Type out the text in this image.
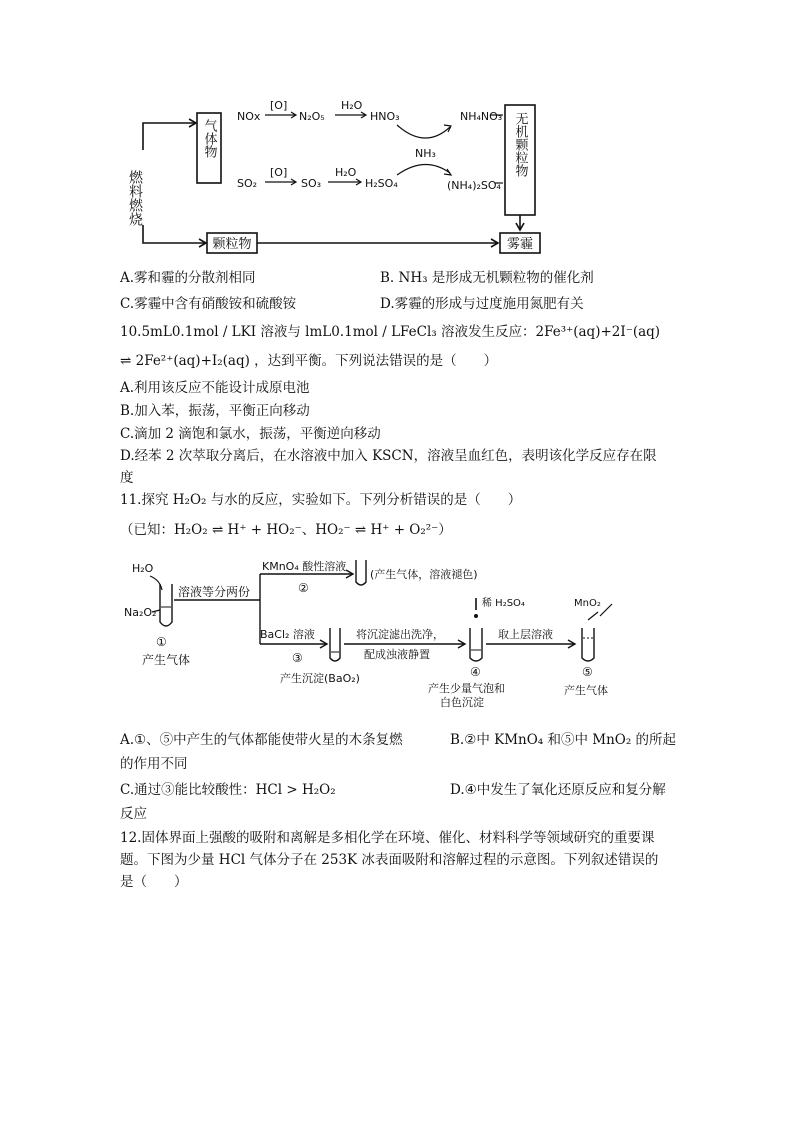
燃料燃烧
气体物
颗粒物
NOx
[O]
N₂O₅
H₂O
HNO₃	NH₄NO₃
NH₃
SO₂
[O]
SO₃
H₂O
H₂SO₄	(NH₄)₂SO₄
无机颗粒物
雾霾
A.雾和霾的分散剂相同	B. NH₃ 是形成无机颗粒物的催化剂
C.雾霾中含有硝酸铵和硫酸铵	D.雾霾的形成与过度施用氮肥有关
10.5mL0.1mol / LKI 溶液与 lmL0.1mol / LFeCl₃ 溶液发生反应：2Fe³⁺(aq)+2I⁻(aq)
⇌ 2Fe²⁺(aq)+I₂(aq) ，达到平衡。下列说法错误的是（　　）
A.利用该反应不能设计成原电池
B.加入苯，振荡，平衡正向移动
C.滴加 2 滴饱和氯水，振荡，平衡逆向移动
D.经苯 2 次萃取分离后，在水溶液中加入 KSCN，溶液呈血红色，表明该化学反应存在限
度
11.探究 H₂O₂ 与水的反应，实验如下。下列分析错误的是（　　）
（已知：H₂O₂ ⇌ H⁺ + HO₂⁻、HO₂⁻ ⇌ H⁺ + O₂²⁻）
H₂O
Na₂O₂
①
产生气体
溶液等分两份
KMnO₄ 酸性溶液
②
(产生气体，溶液褪色)
BaCl₂ 溶液
③
产生沉淀(BaO₂)
将沉淀滤出洗净，
配成浊液静置
稀 H₂SO₄
④
产生少量气泡和
白色沉淀
取上层溶液
MnO₂
⑤
产生气体
A.①、⑤中产生的气体都能使带火星的木条复燃	B.②中 KMnO₄ 和⑤中 MnO₂ 的所起
的作用不同
C.通过③能比较酸性：HCl > H₂O₂	D.④中发生了氧化还原反应和复分解
反应
12.固体界面上强酸的吸附和离解是多相化学在环境、催化、材料科学等领域研究的重要课
题。下图为少量 HCl 气体分子在 253K 冰表面吸附和溶解过程的示意图。下列叙述错误的
是（　　）
